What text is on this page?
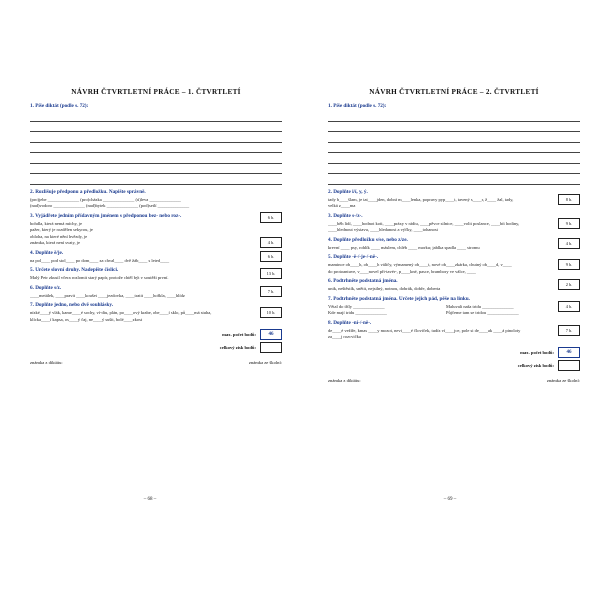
NÁVRH ČTVRTLETNÍ PRÁCE – 1. ČTVRTLETÍ
1. Píše diktát (podle s. 72):
2. Rozlišuje předponu a předložku. Napište správně.
(pro)jebe ______________ (pro)cházka ______________ (ú)leva ______________
(nad)vodoro ______________ (nad)bytek ______________ (pod)setlí ______________
3. Vyjádřete jedním přídavným jménem s předponou bez- nebo roz-.	6 b.
bohdla, která nemá míchy, je
pažer, který je rozdělen sekyrou, je
obloha, na které nění hvězdy, je
známka, která není svaty, je	4 b.
4. Doplňte ě/je.
na pol____ pod stol____ po dom____ za chval____ dvě žáb____ s leted____
6 b.
5. Určete slovní druhy. Nadepište číslici.
Malý Petr zkusil včera rozlomit starý papír, protože chtěl být v soutěži první.
13 b.
6. Doplňte s/z.
____metálek, ____pravit ____koušet ____jezdovka, ____tratit ____hořkla, ____hlídz
7 b.
7. Doplňte jedno, nebo dvě souhlásky.
nízké____ý vlák, kame____é sochy, ví-diu, plán, po____ový krabe, obe____í sklo, pů____má stuha,
klícka____í kapsa, os____ý čaj, ne____ý sušit, bolé____zkost
10 b.
max. počet bodů:	46
celkový zisk bodů:
známka z diktátu:	známka ze školní:
– 68 –
NÁVRH ČTVRTLETNÍ PRÁCE – 2. ČTVRTLETÍ
1. Píše diktát (podle s. 72):
2. Doplňte i/í, y, ý.
tady b____šlam, je tat____jden, dobrá m____lenka, popravy pyp____t, tavený s____r, ž____ žal, tady,
velká z____ma
8 b.
3. Doplňte s-/z-.
____běh lidí, ____hodnot koti, ____práxy v rádiu, ____pěvce silnice, ____volit poslance, ____bít hodiny,
____hlednout výstavu, ____hledanost a výčky, ____tohanost
9 b.
4. Doplňte předložku s/se, nebo z/ze.
krevní ____ psy, rohlík ____ máslem, chléb ____ morku; jablka spadla ____ stromu
4 b.
5. Doplňte -ě-/-je-/-ně-.
mamince ob____h, ob____h váličy, výmamený ob____t, nové ob____zkárka, chutný ob____d, v____
do protoantuve, v____novel při-tavér-, p____kné, pasce, brambory ve válce, ____
9 b.
6. Podtrhněte podstatná jména.
unik, neštěstík, snětit, nejsilný, notnou, dobrák, dobře, doberta
2 b.
7. Podtrhněte podstatná jména. Určete jejich pád, pěše na linku.
Větal do tříly ______________
Kde mají tridu ______________
Maluvali naša tridu ______________
Půjčeme tam se tridou ______________
4 b.
8. Doplňte -ní-/-ně-.
de____é vežíře, kmas ____y mozot, nevi____é človiček, tudíz ví____jce, pole si de____ak ____á pinoloty
za____j rozcvička
7 b.
max. počet bodů:	46
celkový zisk bodů:
známka z diktátu:	známka ze školní:
– 69 –
